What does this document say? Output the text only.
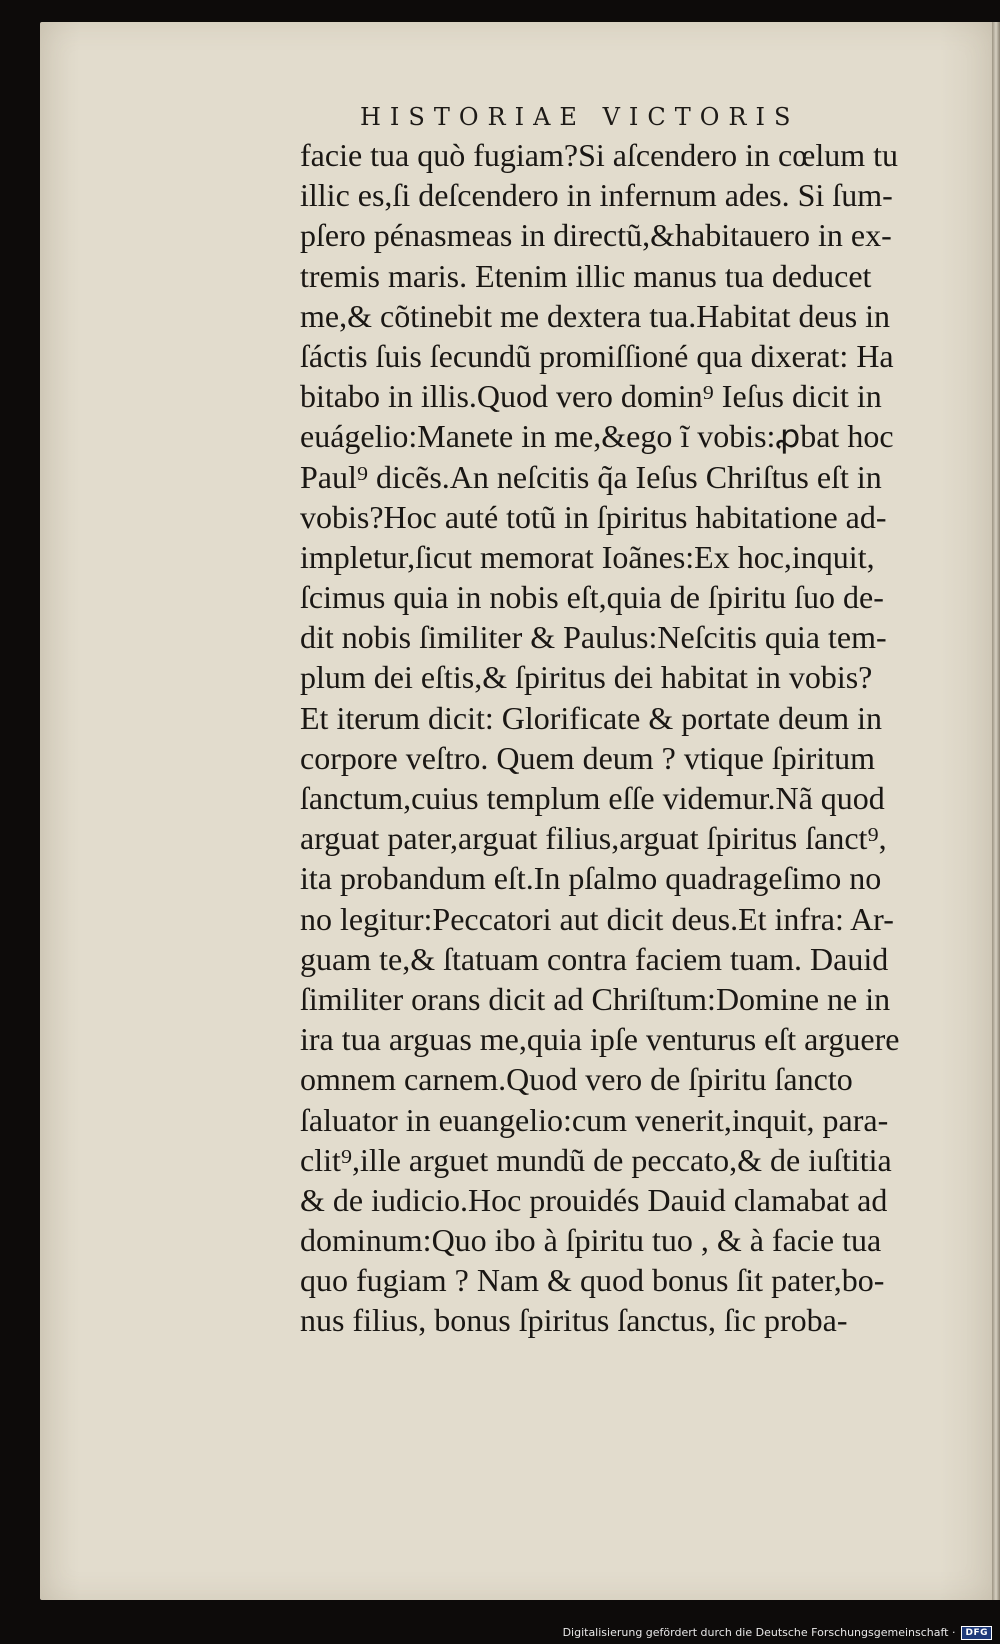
HISTORIAE VICTORIS
facie tua quò fugiam?Si aſcendero in cœlum tu
illic es,ſi deſcendero in infernum ades. Si ſum-
pſero pénasmeas in directũ,&habitauero in ex-
tremis maris. Etenim illic manus tua deducet
me,& cõtinebit me dextera tua.Habitat deus in
ſáctis ſuis ſecundũ promiſſioné qua dixerat: Ha
bitabo in illis.Quod vero domin⁹ Ieſus dicit in
euágelio:Manete in me,&ego ĩ vobis:ꝓbat hoc
Paul⁹ dicẽs.An neſcitis q̃a Ieſus Chriſtus eſt in
vobis?Hoc auté totũ in ſpiritus habitatione ad-
impletur,ſicut memorat Ioãnes:Ex hoc,inquit,
ſcimus quia in nobis eſt,quia de ſpiritu ſuo de-
dit nobis ſimiliter & Paulus:Neſcitis quia tem-
plum dei eſtis,& ſpiritus dei habitat in vobis?
Et iterum dicit: Glorificate & portate deum in
corpore veſtro. Quem deum ? vtique ſpiritum
ſanctum,cuius templum eſſe videmur.Nã quod
arguat pater,arguat filius,arguat ſpiritus ſanct⁹,
ita probandum eſt.In pſalmo quadrageſimo no
no legitur:Peccatori aut dicit deus.Et infra: Ar-
guam te,& ſtatuam contra faciem tuam. Dauid
ſimiliter orans dicit ad Chriſtum:Domine ne in
ira tua arguas me,quia ipſe venturus eſt arguere
omnem carnem.Quod vero de ſpiritu ſancto
ſaluator in euangelio:cum venerit,inquit, para-
clit⁹,ille arguet mundũ de peccato,& de iuſtitia
& de iudicio.Hoc prouidés Dauid clamabat ad
dominum:Quo ibo à ſpiritu tuo , & à facie tua
quo fugiam ? Nam & quod bonus ſit pater,bo-
nus filius, bonus ſpiritus ſanctus, ſic proba-
Digitalisierung gefördert durch die Deutsche Forschungsgemeinschaft ·	DFG
